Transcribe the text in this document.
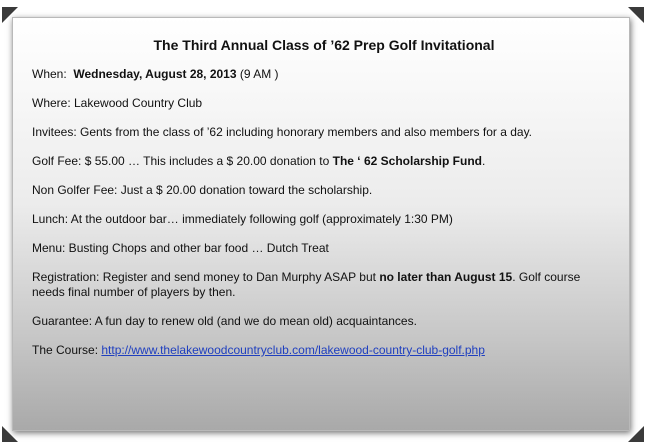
The Third Annual Class of ’62 Prep Golf Invitational
When: Wednesday, August 28, 2013 (9 AM )
Where: Lakewood Country Club
Invitees: Gents from the class of ’62 including honorary members and also members for a day.
Golf Fee: $ 55.00 … This includes a $ 20.00 donation to The ‘ 62 Scholarship Fund.
Non Golfer Fee: Just a $ 20.00 donation toward the scholarship.
Lunch: At the outdoor bar… immediately following golf (approximately 1:30 PM)
Menu: Busting Chops and other bar food … Dutch Treat
Registration: Register and send money to Dan Murphy ASAP but no later than August 15. Golf course needs final number of players by then.
Guarantee: A fun day to renew old (and we do mean old) acquaintances.
The Course: http://www.thelakewoodcountryclub.com/lakewood-country-club-golf.php
